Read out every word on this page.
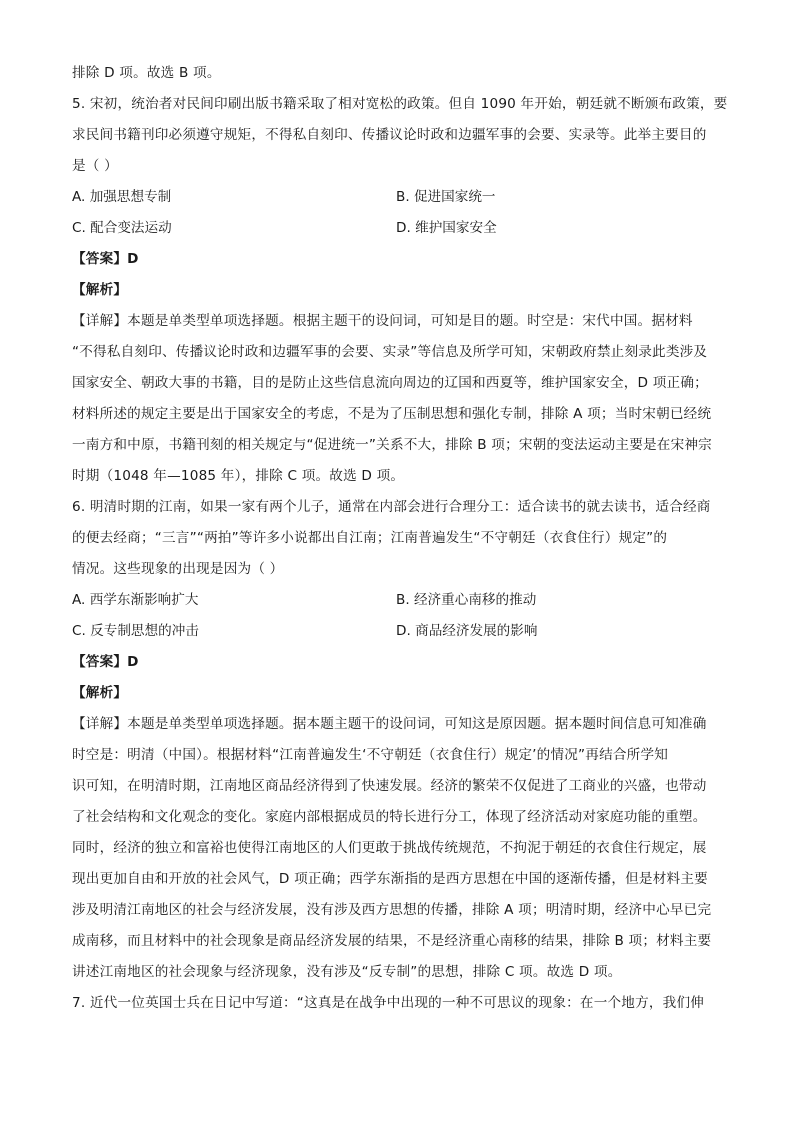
排除 D 项。故选 B 项。
5. 宋初，统治者对民间印刷出版书籍采取了相对宽松的政策。但自 1090 年开始，朝廷就不断颁布政策，要
求民间书籍刊印必须遵守规矩，不得私自刻印、传播议论时政和边疆军事的会要、实录等。此举主要目的
是（ ）
A. 加强思想专制	B. 促进国家统一
C. 配合变法运动	D. 维护国家安全
【答案】D
【解析】
【详解】本题是单类型单项选择题。根据主题干的设问词，可知是目的题。时空是：宋代中国。据材料
“不得私自刻印、传播议论时政和边疆军事的会要、实录”等信息及所学可知，宋朝政府禁止刻录此类涉及
国家安全、朝政大事的书籍，目的是防止这些信息流向周边的辽国和西夏等，维护国家安全，D 项正确；
材料所述的规定主要是出于国家安全的考虑，不是为了压制思想和强化专制，排除 A 项；当时宋朝已经统
一南方和中原，书籍刊刻的相关规定与“促进统一”关系不大，排除 B 项；宋朝的变法运动主要是在宋神宗
时期（1048 年—1085 年），排除 C 项。故选 D 项。
6. 明清时期的江南，如果一家有两个儿子，通常在内部会进行合理分工：适合读书的就去读书，适合经商
的便去经商；“三言”“两拍”等许多小说都出自江南；江南普遍发生“不守朝廷（衣食住行）规定”的
情况。这些现象的出现是因为（ ）
A. 西学东渐影响扩大	B. 经济重心南移的推动
C. 反专制思想的冲击	D. 商品经济发展的影响
【答案】D
【解析】
【详解】本题是单类型单项选择题。据本题主题干的设问词，可知这是原因题。据本题时间信息可知准确
时空是：明清（中国）。根据材料“江南普遍发生‘不守朝廷（衣食住行）规定’的情况”再结合所学知
识可知，在明清时期，江南地区商品经济得到了快速发展。经济的繁荣不仅促进了工商业的兴盛，也带动
了社会结构和文化观念的变化。家庭内部根据成员的特长进行分工，体现了经济活动对家庭功能的重塑。
同时，经济的独立和富裕也使得江南地区的人们更敢于挑战传统规范，不拘泥于朝廷的衣食住行规定，展
现出更加自由和开放的社会风气，D 项正确；西学东渐指的是西方思想在中国的逐渐传播，但是材料主要
涉及明清江南地区的社会与经济发展，没有涉及西方思想的传播，排除 A 项；明清时期，经济中心早已完
成南移，而且材料中的社会现象是商品经济发展的结果，不是经济重心南移的结果，排除 B 项；材料主要
讲述江南地区的社会现象与经济现象，没有涉及“反专制”的思想，排除 C 项。故选 D 项。
7. 近代一位英国士兵在日记中写道：“这真是在战争中出现的一种不可思议的现象：在一个地方，我们伸
